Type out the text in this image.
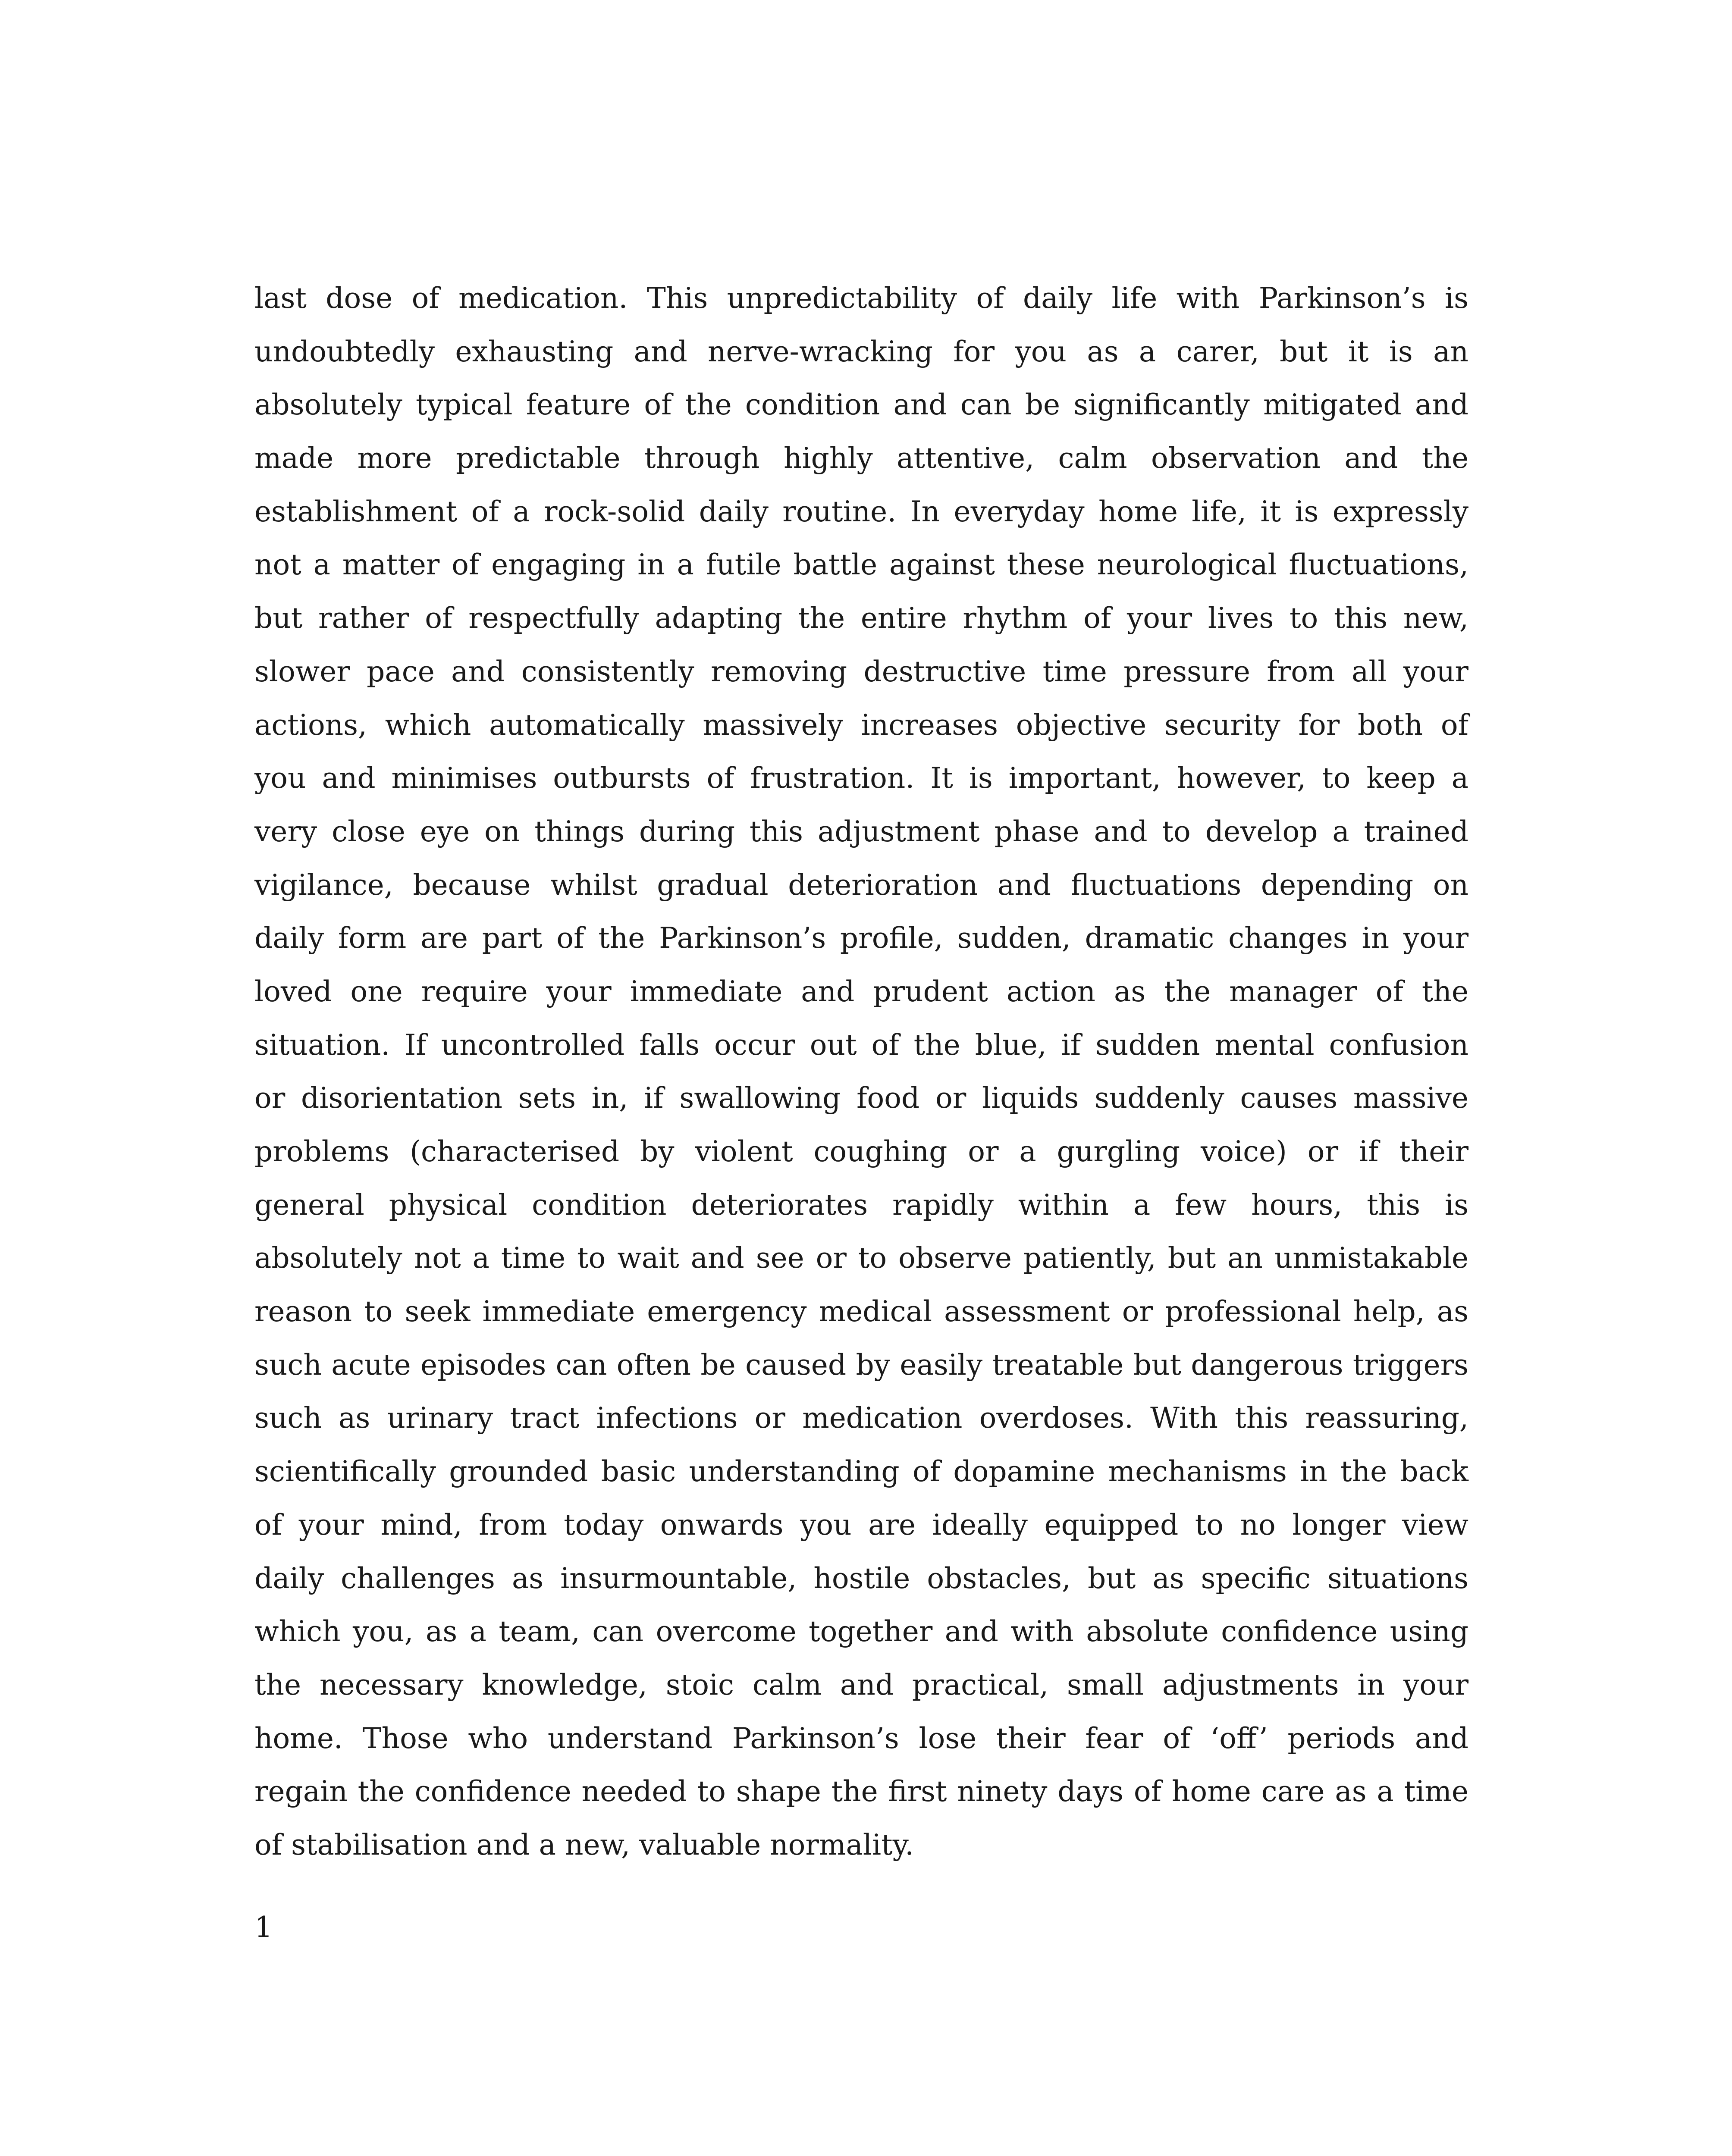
last dose of medication. This unpredictability of daily life with Parkinson’s is
undoubtedly exhausting and nerve-wracking for you as a carer, but it is an
absolutely typical feature of the condition and can be significantly mitigated and
made more predictable through highly attentive, calm observation and the
establishment of a rock-solid daily routine. In everyday home life, it is expressly
not a matter of engaging in a futile battle against these neurological fluctuations,
but rather of respectfully adapting the entire rhythm of your lives to this new,
slower pace and consistently removing destructive time pressure from all your
actions, which automatically massively increases objective security for both of
you and minimises outbursts of frustration. It is important, however, to keep a
very close eye on things during this adjustment phase and to develop a trained
vigilance, because whilst gradual deterioration and fluctuations depending on
daily form are part of the Parkinson’s profile, sudden, dramatic changes in your
loved one require your immediate and prudent action as the manager of the
situation. If uncontrolled falls occur out of the blue, if sudden mental confusion
or disorientation sets in, if swallowing food or liquids suddenly causes massive
problems (characterised by violent coughing or a gurgling voice) or if their
general physical condition deteriorates rapidly within a few hours, this is
absolutely not a time to wait and see or to observe patiently, but an unmistakable
reason to seek immediate emergency medical assessment or professional help, as
such acute episodes can often be caused by easily treatable but dangerous triggers
such as urinary tract infections or medication overdoses. With this reassuring,
scientifically grounded basic understanding of dopamine mechanisms in the back
of your mind, from today onwards you are ideally equipped to no longer view
daily challenges as insurmountable, hostile obstacles, but as specific situations
which you, as a team, can overcome together and with absolute confidence using
the necessary knowledge, stoic calm and practical, small adjustments in your
home. Those who understand Parkinson’s lose their fear of ‘off’ periods and
regain the confidence needed to shape the first ninety days of home care as a time
of stabilisation and a new, valuable normality.
1
